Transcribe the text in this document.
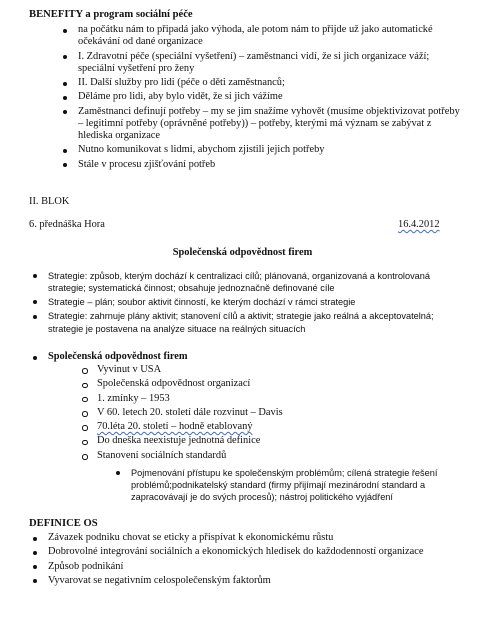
BENEFITY a program sociální péče
na počátku nám to připadá jako výhoda, ale potom nám to přijde už jako automatické očekávání od dané organizace
I. Zdravotní péče (speciální vyšetření) – zaměstnanci vidí, že si jich organizace váží; speciální vyšetření pro ženy
II. Další služby pro lidi (péče o děti zaměstnanců;
Děláme pro lidi, aby bylo vidět, že si jich vážíme
Zaměstnanci definují potřeby – my se jim snažíme vyhovět (musíme objektivizovat potřeby – legitimní potřeby (oprávněné potřeby)) – potřeby, kterými má význam se zabývat z hlediska organizace
Nutno komunikovat s lidmi, abychom zjistili jejich potřeby
Stále v procesu zjišťování potřeb
II. BLOK
6. přednáška Hora	16.4.2012
Společenská odpovědnost firem
Strategie: způsob, kterým dochází k centralizaci cílů; plánovaná, organizovaná a kontrolovaná strategie; systematická činnost; obsahuje jednoznačně definované cíle
Strategie – plán; soubor aktivit činností, ke kterým dochází v rámci strategie
Strategie: zahrnuje plány aktivit; stanovení cílů a aktivit; strategie jako reálná a akceptovatelná; strategie je postavena na analýze situace na reálných situacích
Společenská odpovědnost firem
Vyvinut v USA
Společenská odpovědnost organizací
1. zmínky – 1953
V 60. letech 20. století dále rozvinut – Davis
70.léta 20. století – hodně etablovaný
Do dneška neexistuje jednotná definice
Stanovení sociálních standardů
Pojmenování přístupu ke společenským problémům; cílená strategie řešení problémů;podnikatelský standard (firmy přijímají mezinárodní standard a zapracovávají je do svých procesů); nástroj politického vyjádření
DEFINICE OS
Závazek podniku chovat se eticky a přispívat k ekonomickému růstu
Dobrovolné integrování sociálních a ekonomických hledisek do každodenností organizace
Způsob podnikání
Vyvarovat se negativním celospolečenským faktorům
